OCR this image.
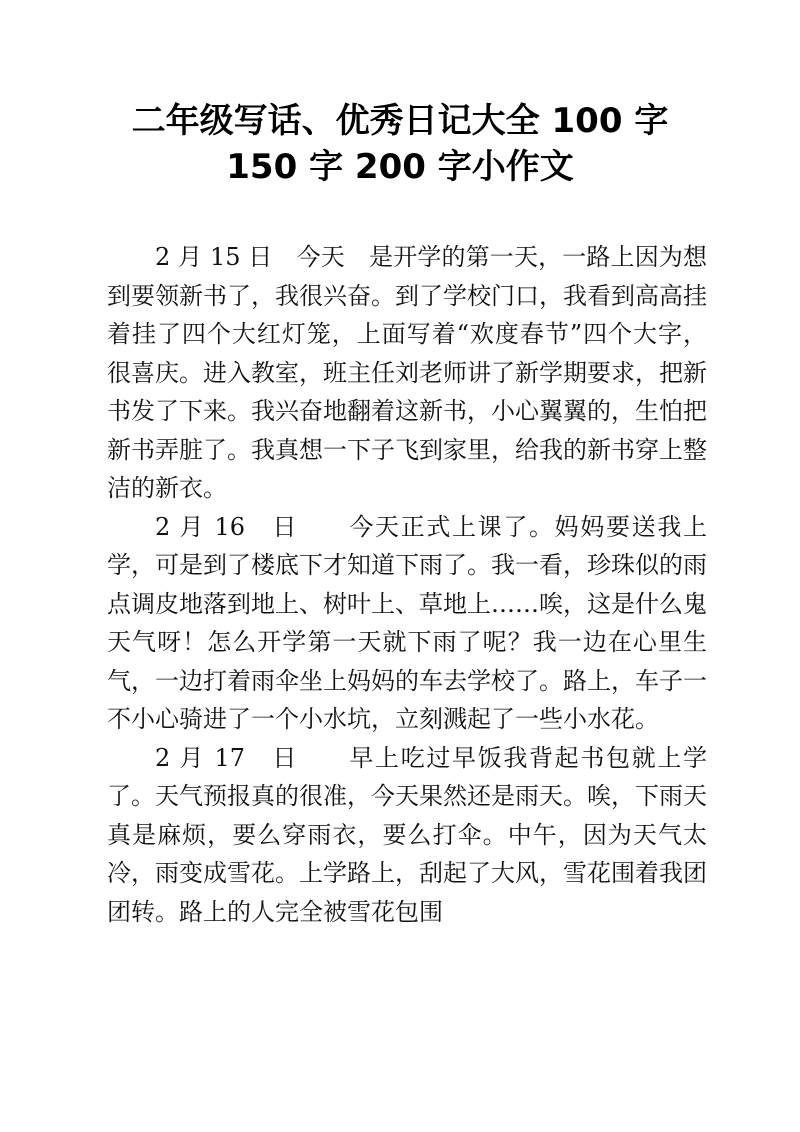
二年级写话、优秀日记大全 100 字
150 字 200 字小作文

2 月 15 日　今天　是开学的第一天，一路上因为想到要领新书了，我很兴奋。到了学校门口，我看到高高挂着挂了四个大红灯笼，上面写着“欢度春节”四个大字，很喜庆。进入教室，班主任刘老师讲了新学期要求，把新书发了下来。我兴奋地翻着这新书，小心翼翼的，生怕把新书弄脏了。我真想一下子飞到家里，给我的新书穿上整洁的新衣。

2 月 16　日　　今天正式上课了。妈妈要送我上学，可是到了楼底下才知道下雨了。我一看，珍珠似的雨点调皮地落到地上、树叶上、草地上……唉，这是什么鬼天气呀！怎么开学第一天就下雨了呢？我一边在心里生气，一边打着雨伞坐上妈妈的车去学校了。路上，车子一不小心骑进了一个小水坑，立刻溅起了一些小水花。

2 月 17　日　　早上吃过早饭我背起书包就上学了。天气预报真的很准，今天果然还是雨天。唉，下雨天真是麻烦，要么穿雨衣，要么打伞。中午，因为天气太冷，雨变成雪花。上学路上，刮起了大风，雪花围着我团团转。路上的人完全被雪花包围
